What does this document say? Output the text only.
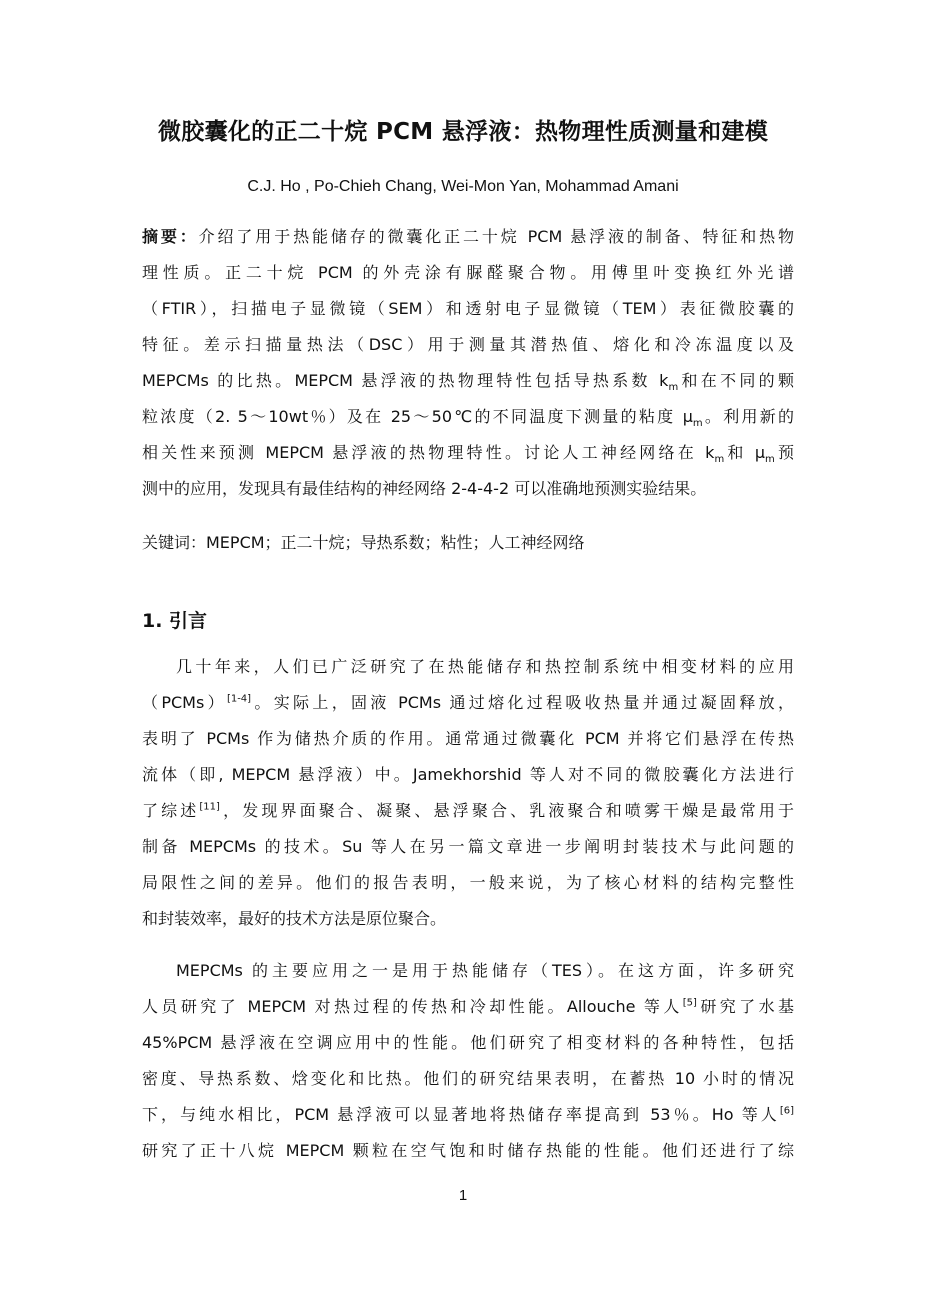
微胶囊化的正二十烷 PCM 悬浮液：热物理性质测量和建模
C.J. Ho , Po-Chieh Chang, Wei-Mon Yan, Mohammad Amani
摘要：介绍了用于热能储存的微囊化正二十烷 PCM 悬浮液的制备、特征和热物
理性质。正二十烷 PCM 的外壳涂有脲醛聚合物。用傅里叶变换红外光谱
（FTIR），扫描电子显微镜（SEM）和透射电子显微镜（TEM）表征微胶囊的
特征。差示扫描量热法（DSC）用于测量其潜热值、熔化和冷冻温度以及
MEPCMs 的比热。MEPCM 悬浮液的热物理特性包括导热系数 $k_m$和在不同的颗
粒浓度（2. 5～10wt％）及在 25～50℃的不同温度下测量的粘度 $\mu_m$。利用新的
相关性来预测 MEPCM 悬浮液的热物理特性。讨论人工神经网络在 $k_m$和 $\mu_m$预
测中的应用，发现具有最佳结构的神经网络 2-4-4-2 可以准确地预测实验结果。
关键词：MEPCM；正二十烷；导热系数；粘性；人工神经网络
1. 引言
几十年来，人们已广泛研究了在热能储存和热控制系统中相变材料的应用
（PCMs）[1-4]。实际上，固液 PCMs 通过熔化过程吸收热量并通过凝固释放，
表明了 PCMs 作为储热介质的作用。通常通过微囊化 PCM 并将它们悬浮在传热
流体（即, MEPCM 悬浮液）中。Jamekhorshid 等人对不同的微胶囊化方法进行
了综述[11]，发现界面聚合、凝聚、悬浮聚合、乳液聚合和喷雾干燥是最常用于
制备 MEPCMs 的技术。Su 等人在另一篇文章进一步阐明封装技术与此问题的
局限性之间的差异。他们的报告表明，一般来说，为了核心材料的结构完整性
和封装效率，最好的技术方法是原位聚合。
MEPCMs 的主要应用之一是用于热能储存（TES）。在这方面，许多研究
人员研究了 MEPCM 对热过程的传热和冷却性能。Allouche 等人[5]研究了水基
45%PCM 悬浮液在空调应用中的性能。他们研究了相变材料的各种特性，包括
密度、导热系数、焓变化和比热。他们的研究结果表明，在蓄热 10 小时的情况
下，与纯水相比，PCM 悬浮液可以显著地将热储存率提高到 53％。Ho 等人[6]
研究了正十八烷 MEPCM 颗粒在空气饱和时储存热能的性能。他们还进行了综
1
